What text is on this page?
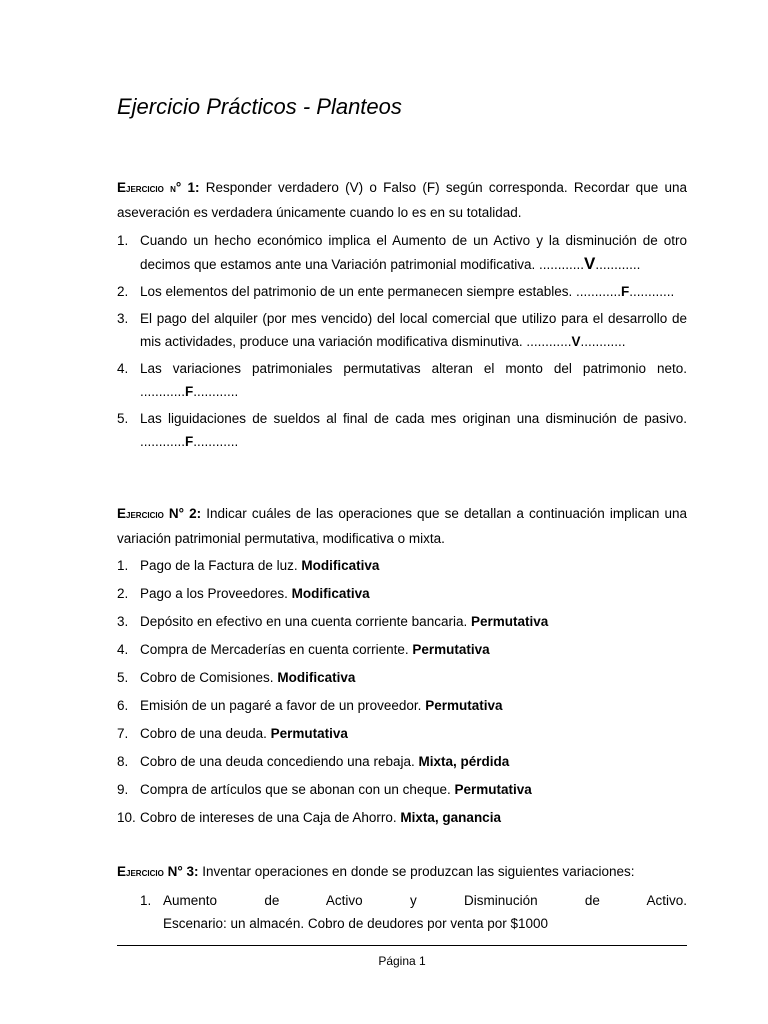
Ejercicio Prácticos - Planteos

Ejercicio n° 1: Responder verdadero (V) o Falso (F) según corresponda. Recordar que una aseveración es verdadera únicamente cuando lo es en su totalidad.

1. Cuando un hecho económico implica el Aumento de un Activo y la disminución de otro decimos que estamos ante una Variación patrimonial modificativa. ............V............
2. Los elementos del patrimonio de un ente permanecen siempre estables. ............F............
3. El pago del alquiler (por mes vencido) del local comercial que utilizo para el desarrollo de mis actividades, produce una variación modificativa disminutiva. ............V............
4. Las variaciones patrimoniales permutativas alteran el monto del patrimonio neto. ............F............
5. Las liguidaciones de sueldos al final de cada mes originan una disminución de pasivo. ............F............

Ejercicio N° 2: Indicar cuáles de las operaciones que se detallan a continuación implican una variación patrimonial permutativa, modificativa o mixta.

1. Pago de la Factura de luz. Modificativa
2. Pago a los Proveedores. Modificativa
3. Depósito en efectivo en una cuenta corriente bancaria. Permutativa
4. Compra de Mercaderías en cuenta corriente. Permutativa
5. Cobro de Comisiones. Modificativa
6. Emisión de un pagaré a favor de un proveedor. Permutativa
7. Cobro de una deuda. Permutativa
8. Cobro de una deuda concediendo una rebaja. Mixta, pérdida
9. Compra de artículos que se abonan con un cheque. Permutativa
10. Cobro de intereses de una Caja de Ahorro. Mixta, ganancia

Ejercicio N° 3: Inventar operaciones en donde se produzcan las siguientes variaciones:

1. Aumento de Activo y Disminución de Activo.
Escenario: un almacén. Cobro de deudores por venta por $1000
Página 1
